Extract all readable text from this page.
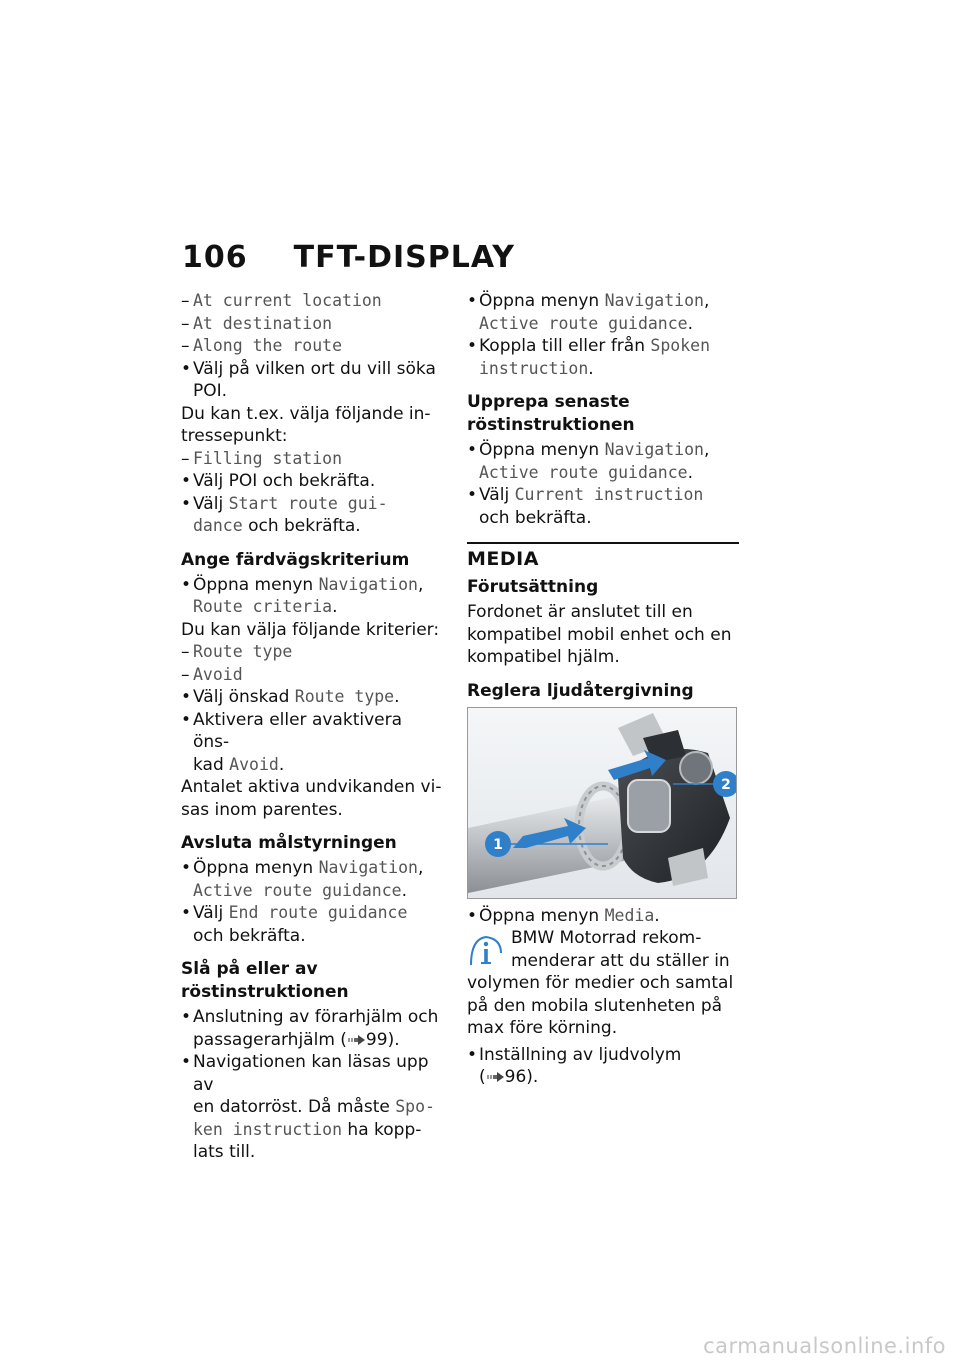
106 TFT-DISPLAY

– At current location

– At destination

– Along the route

• Välj på vilken ort du vill söka

POI.

Du kan t.ex. välja följande in-

tressepunkt:

– Filling station

• Välj POI och bekräfta.

• Välj Start route gui-

dance och bekräfta.

Ange färdvägskriterium

• Öppna menyn Navigation,

Route criteria.

Du kan välja följande kriterier:

– Route type

– Avoid

• Välj önskad Route type.

• Aktivera eller avaktivera öns-

kad Avoid.

Antalet aktiva undvikanden vi-

sas inom parentes.

Avsluta målstyrningen

• Öppna menyn Navigation,

Active route guidance.

• Välj End route guidance

och bekräfta.

Slå på eller av
röstinstruktionen

• Anslutning av förarhjälm och

passagerarhjälm ( 99).

• Navigationen kan läsas upp av

en datorröst. Då måste Spo-

ken instruction ha kopp-

lats till.

• Öppna menyn Navigation,

Active route guidance.

• Koppla till eller från Spoken

instruction.

Upprepa senaste
röstinstruktionen

• Öppna menyn Navigation,

Active route guidance.

• Välj Current instruction

och bekräfta.

MEDIA
Förutsättning

Fordonet är anslutet till en

kompatibel mobil enhet och en

kompatibel hjälm.

Reglera ljudåtergivning
1
2

• Öppna menyn Media.

BMW Motorrad rekom-

menderar att du ställer in

volymen för medier och samtal

på den mobila slutenheten på

max före körning.

• Inställning av ljudvolym

( 96).

carmanualsonline.info
